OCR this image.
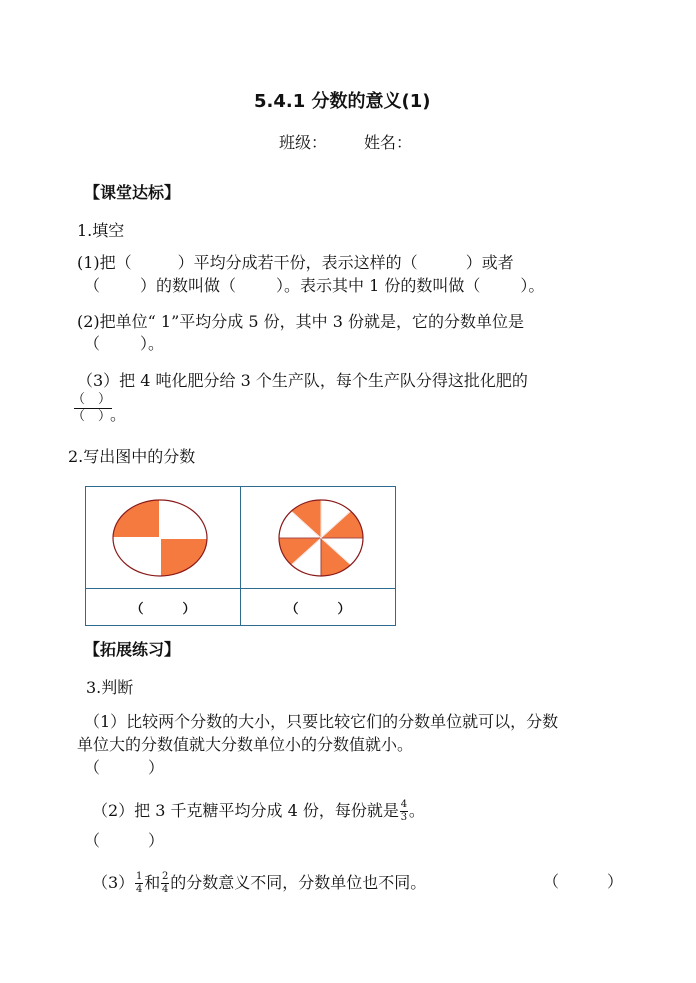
5.4.1 分数的意义(1)
班级： 姓名：
【课堂达标】
1.填空
(1)把（	）平均分成若干份，表示这样的（	）或者
（	）的数叫做（	）。表示其中 1 份的数叫做（	）。
(2)把单位“ 1”平均分成 5 份，其中 3 份就是，它的分数单位是
（	）。
（3）把 4 吨化肥分给 3 个生产队，每个生产队分得这批化肥的
（　）
（　）
。
2.写出图中的分数

（　　　）	（　　　）
【拓展练习】
3.判断
（1）比较两个分数的大小，只要比较它们的分数单位就可以，分数
单位大的分数值就大分数单位小的分数值就小。
（　　　）
（2）把 3 千克糖平均分成 4 份，每份就是 $\frac{4}{3}$ 。
（　　　）
$(3) \frac{1}{4}$ 和 $\frac{2}{4}$ 的分数意义不同，分数单位也不同。	（　　　）
